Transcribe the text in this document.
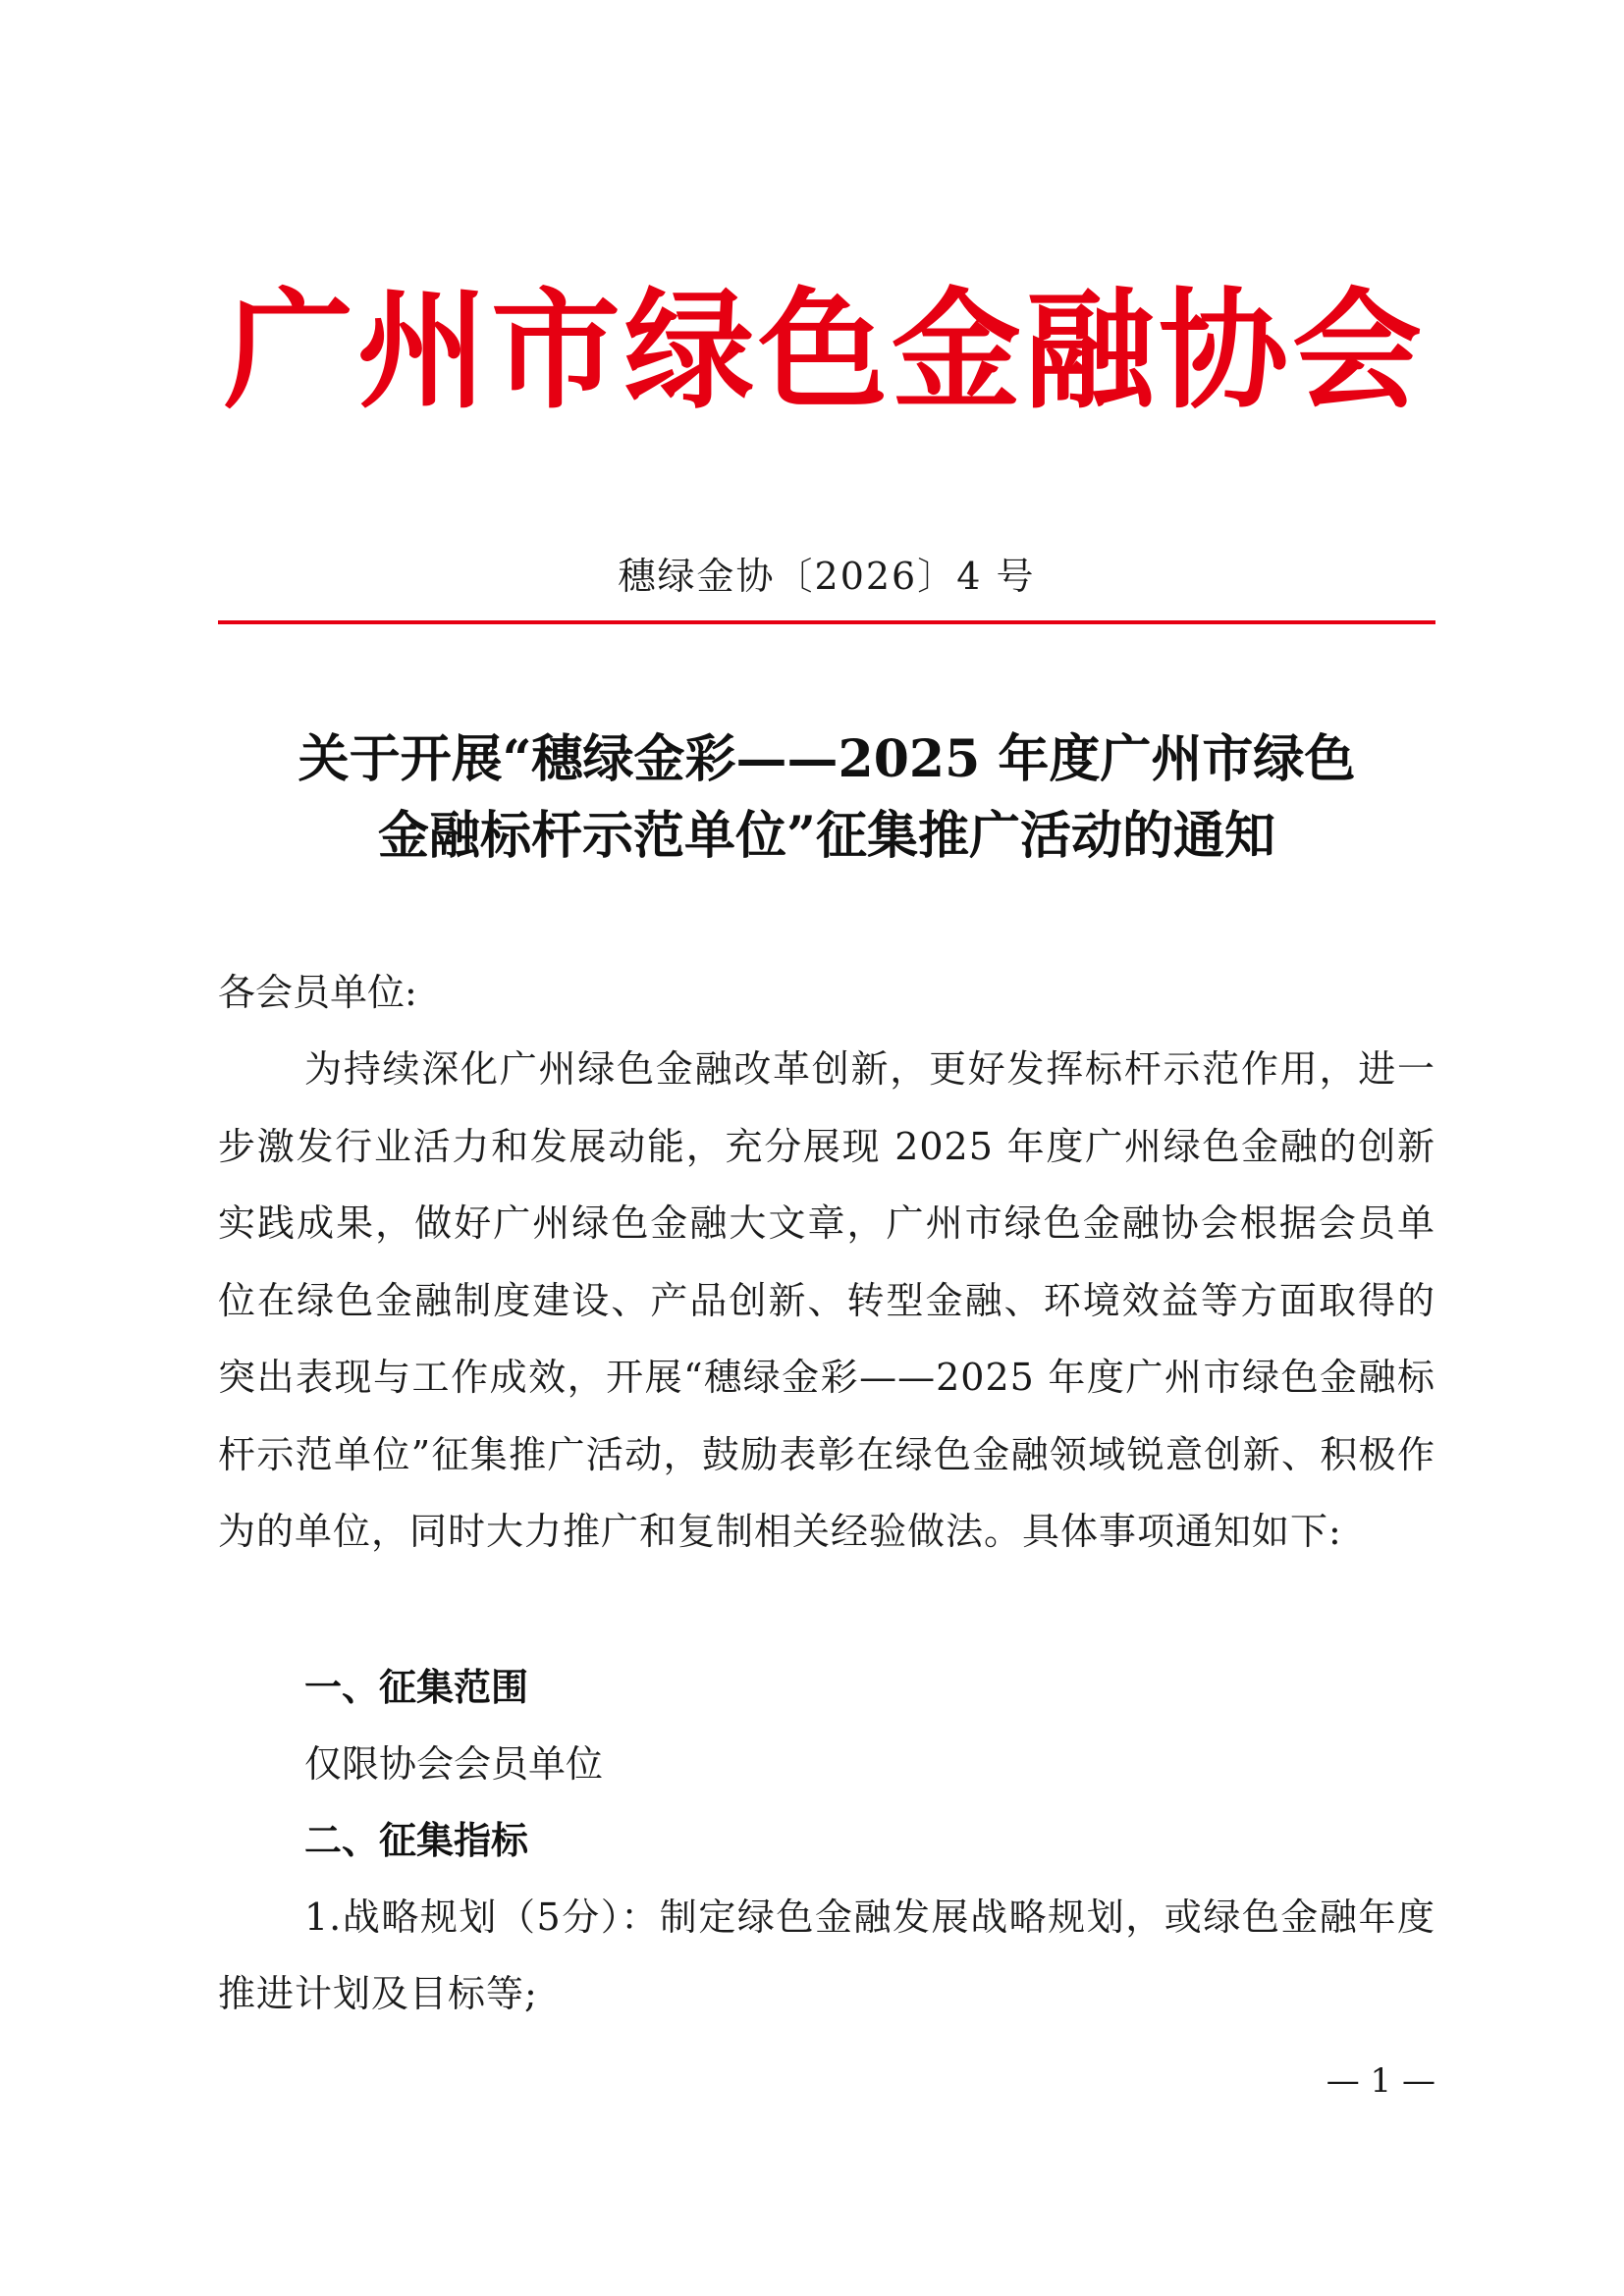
广州市绿色金融协会
穗绿金协〔2026〕4 号
关于开展“穗绿金彩——2025 年度广州市绿色
金融标杆示范单位”征集推广活动的通知
各会员单位:
为持续深化广州绿色金融改革创新，更好发挥标杆示范作用，进一步激发行业活力和发展动能，充分展现 2025 年度广州绿色金融的创新实践成果，做好广州绿色金融大文章，广州市绿色金融协会根据会员单位在绿色金融制度建设、产品创新、转型金融、环境效益等方面取得的突出表现与工作成效，开展“穗绿金彩——2025 年度广州市绿色金融标杆示范单位”征集推广活动，鼓励表彰在绿色金融领域锐意创新、积极作为的单位，同时大力推广和复制相关经验做法。具体事项通知如下:
一、征集范围
仅限协会会员单位
二、征集指标
1.战略规划（5分）：制定绿色金融发展战略规划，或绿色金融年度推进计划及目标等;
— 1 —
